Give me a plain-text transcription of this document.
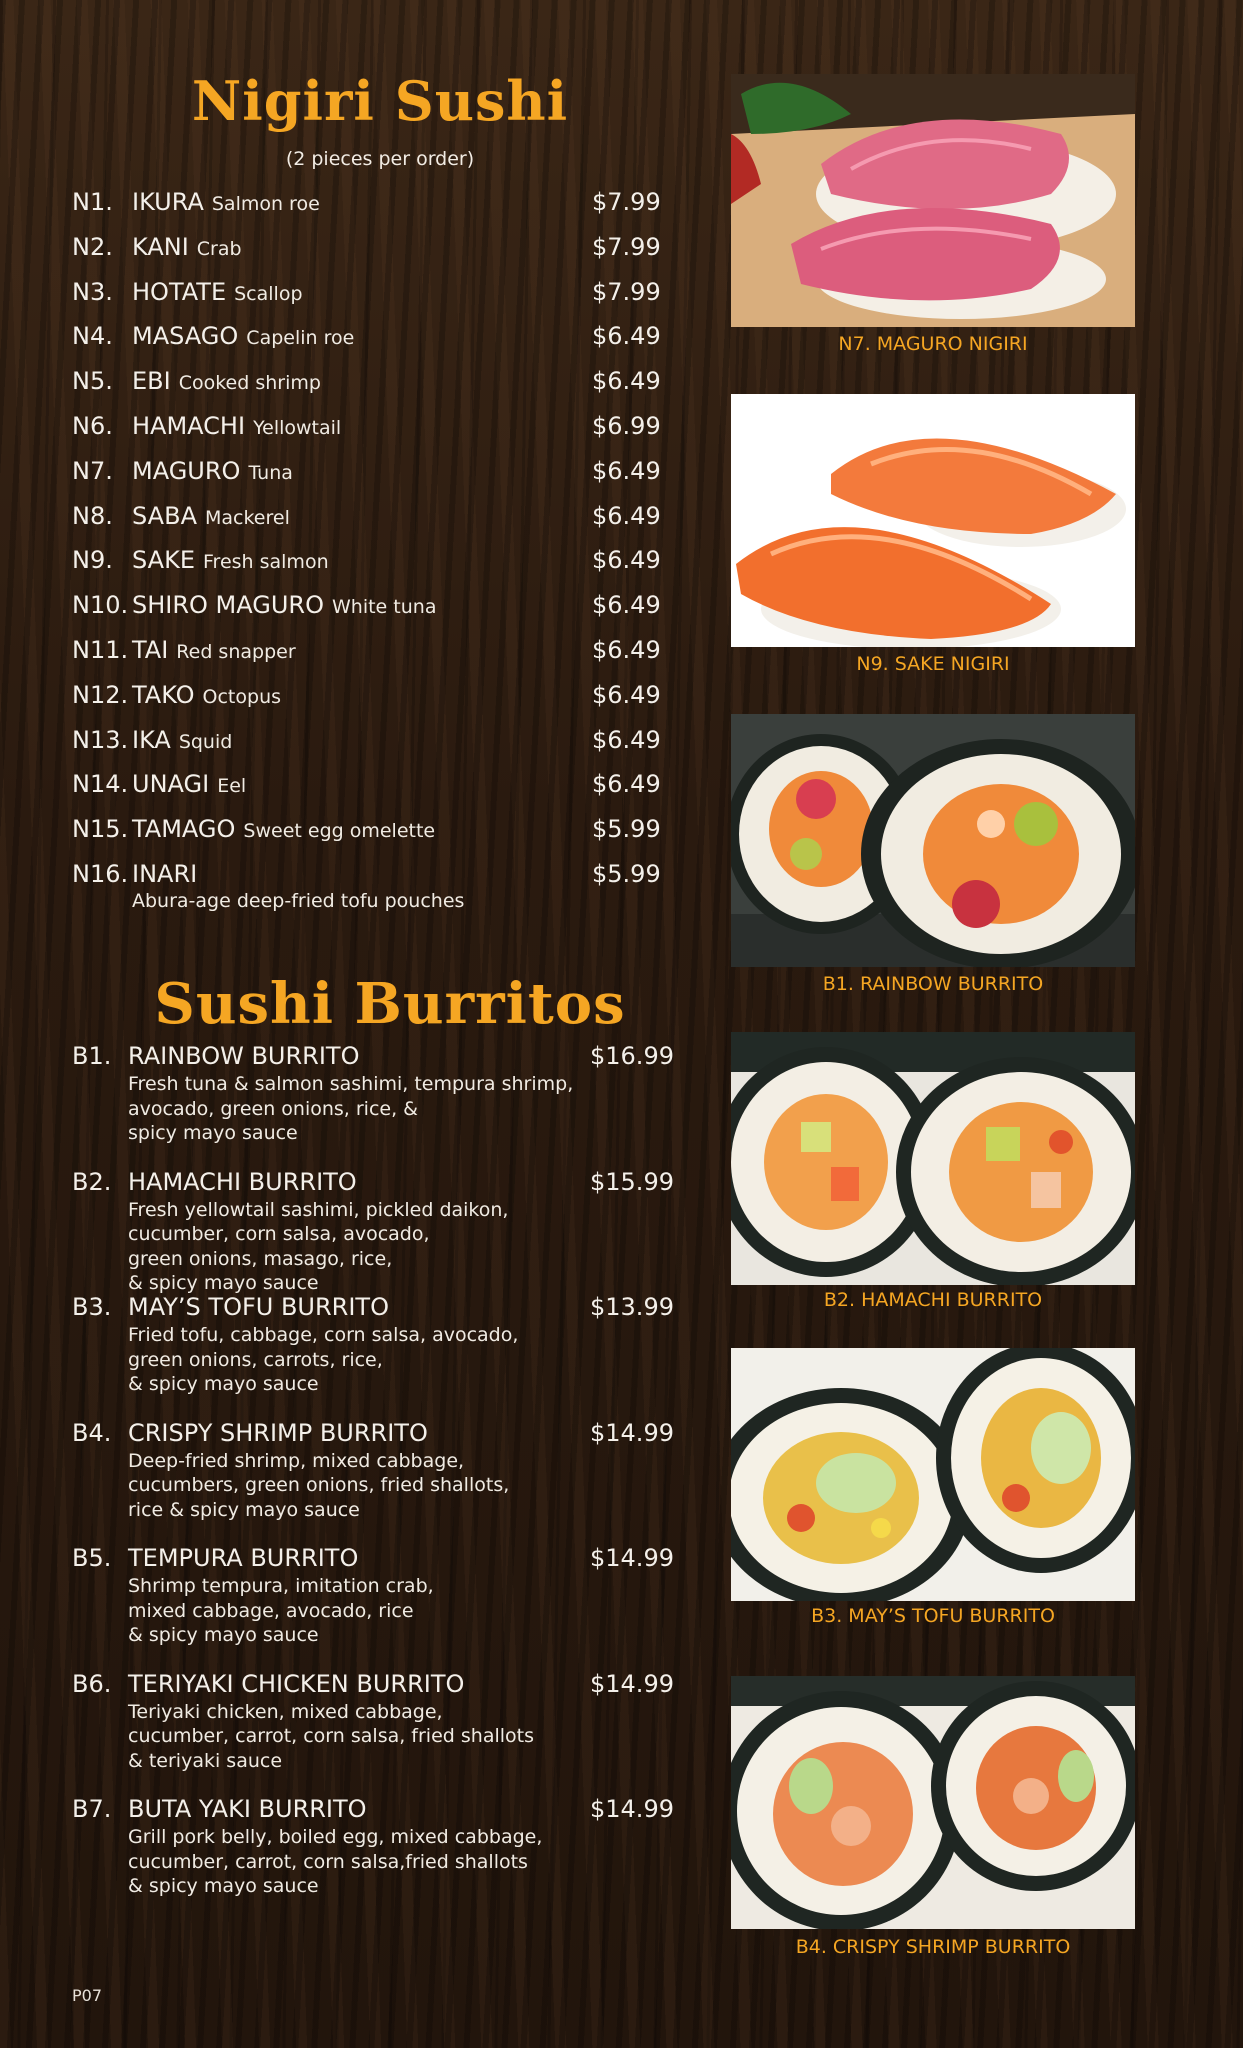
Nigiri Sushi
(2 pieces per order)
N1. IKURA Salmon roe	$7.99
N2. KANI Crab	$7.99
N3. HOTATE Scallop	$7.99
N4. MASAGO Capelin roe	$6.49
N5. EBI Cooked shrimp	$6.49
N6. HAMACHI Yellowtail	$6.99
N7. MAGURO Tuna	$6.49
N8. SABA Mackerel	$6.49
N9. SAKE Fresh salmon	$6.49
N10. SHIRO MAGURO White tuna	$6.49
N11. TAI Red snapper	$6.49
N12. TAKO Octopus	$6.49
N13. IKA Squid	$6.49
N14. UNAGI Eel	$6.49
N15. TAMAGO Sweet egg omelette	$5.99
N16. INARI	$5.99
Abura-age deep-fried tofu pouches
Sushi Burritos
B1. RAINBOW BURRITO	$16.99
Fresh tuna & salmon sashimi, tempura shrimp,
avocado, green onions, rice, &
spicy mayo sauce
B2. HAMACHI BURRITO	$15.99
Fresh yellowtail sashimi, pickled daikon,
cucumber, corn salsa, avocado,
green onions, masago, rice,
& spicy mayo sauce
B3. MAY’S TOFU BURRITO	$13.99
Fried tofu, cabbage, corn salsa, avocado,
green onions, carrots, rice,
& spicy mayo sauce
B4. CRISPY SHRIMP BURRITO	$14.99
Deep-fried shrimp, mixed cabbage,
cucumbers, green onions, fried shallots,
rice & spicy mayo sauce
B5. TEMPURA BURRITO	$14.99
Shrimp tempura, imitation crab,
mixed cabbage, avocado, rice
& spicy mayo sauce
B6. TERIYAKI CHICKEN BURRITO	$14.99
Teriyaki chicken, mixed cabbage,
cucumber, carrot, corn salsa, fried shallots
& teriyaki sauce
B7. BUTA YAKI BURRITO	$14.99
Grill pork belly, boiled egg, mixed cabbage,
cucumber, carrot, corn salsa,fried shallots
& spicy mayo sauce
P07
N7. MAGURO NIGIRI
N9. SAKE NIGIRI
B1. RAINBOW BURRITO
B2. HAMACHI BURRITO
B3. MAY’S TOFU BURRITO
B4. CRISPY SHRIMP BURRITO
